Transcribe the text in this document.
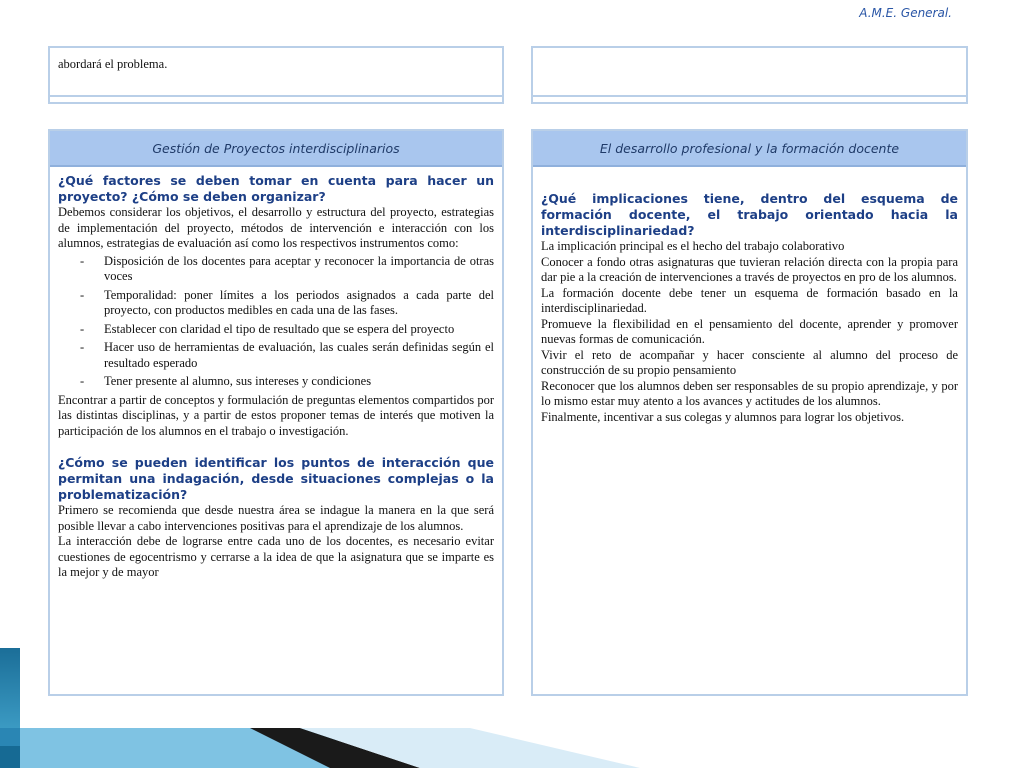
A.M.E. General.

abordará el problema.

Gestión de Proyectos interdisciplinarios

¿Qué factores se deben tomar en cuenta para hacer un proyecto? ¿Cómo se deben organizar?

Debemos considerar los objetivos, el desarrollo y estructura del proyecto, estrategias de implementación del proyecto, métodos de intervención e interacción con los alumnos, estrategias de evaluación así como los respectivos instrumentos como:

- Disposición de los docentes para aceptar y reconocer la importancia de otras voces
- Temporalidad: poner límites a los periodos asignados a cada parte del proyecto, con productos medibles en cada una de las fases.
- Establecer con claridad el tipo de resultado que se espera del proyecto
- Hacer uso de herramientas de evaluación, las cuales serán definidas según el resultado esperado
- Tener presente al alumno, sus intereses y condiciones

Encontrar a partir de conceptos y formulación de preguntas elementos compartidos por las distintas disciplinas, y a partir de estos proponer temas de interés que motiven la participación de los alumnos en el trabajo o investigación.

¿Cómo se pueden identificar los puntos de interacción que permitan una indagación, desde situaciones complejas o la problematización?

Primero se recomienda que desde nuestra área se indague la manera en la que será posible llevar a cabo intervenciones positivas para el aprendizaje de los alumnos.

La interacción debe de lograrse entre cada uno de los docentes, es necesario evitar cuestiones de egocentrismo y cerrarse a la idea de que la asignatura que se imparte es la mejor y de mayor

El desarrollo profesional y la formación docente

¿Qué implicaciones tiene, dentro del esquema de formación docente, el trabajo orientado hacia la interdisciplinariedad?

La implicación principal es el hecho del trabajo colaborativo

Conocer a fondo otras asignaturas que tuvieran relación directa con la propia para dar pie a la creación de intervenciones a través de proyectos en pro de los alumnos.

La formación docente debe tener un esquema de formación basado en la interdisciplinariedad.

Promueve la flexibilidad en el pensamiento del docente, aprender y promover nuevas formas de comunicación.

Vivir el reto de acompañar y hacer consciente al alumno del proceso de construcción de su propio pensamiento

Reconocer que los alumnos deben ser responsables de su propio aprendizaje, y por lo mismo estar muy atento a los avances y actitudes de los alumnos.

Finalmente, incentivar a sus colegas y alumnos para lograr los objetivos.
